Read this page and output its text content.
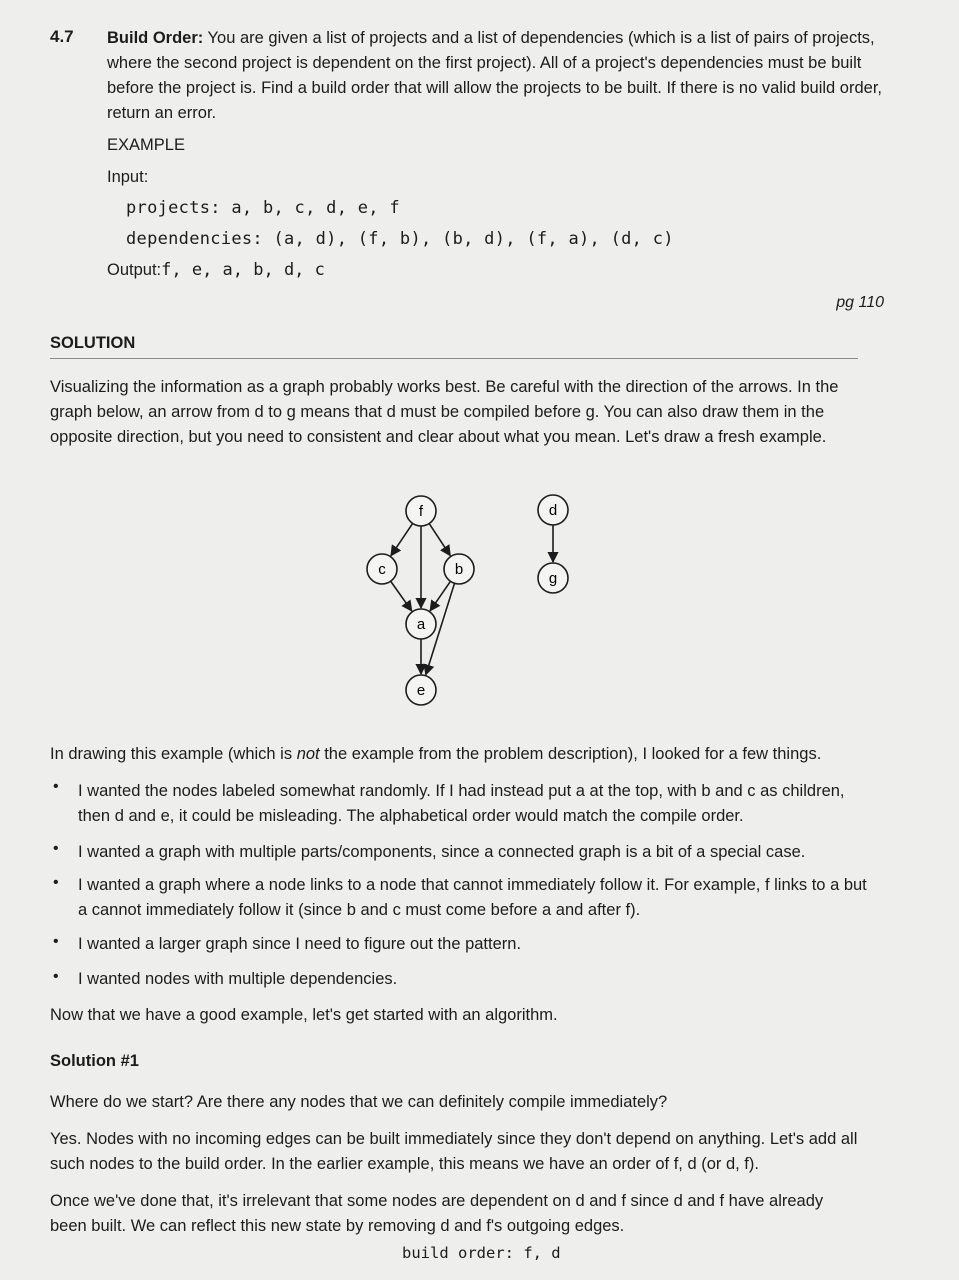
4.7 Build Order: You are given a list of projects and a list of dependencies (which is a list of pairs of projects, where the second project is dependent on the first project). All of a project's dependencies must be built before the project is. Find a build order that will allow the projects to be built. If there is no valid build order, return an error.
EXAMPLE
Input:
projects: a, b, c, d, e, f
dependencies: (a, d), (f, b), (b, d), (f, a), (d, c)
Output:f, e, a, b, d, c
pg 110
SOLUTION
Visualizing the information as a graph probably works best. Be careful with the direction of the arrows. In the graph below, an arrow from d to g means that d must be compiled before g. You can also draw them in the opposite direction, but you need to consistent and clear about what you mean. Let's draw a fresh example.
f
c	b
a
e
d
g
In drawing this example (which is not the example from the problem description), I looked for a few things.
• I wanted the nodes labeled somewhat randomly. If I had instead put a at the top, with b and c as children, then d and e, it could be misleading. The alphabetical order would match the compile order.
• I wanted a graph with multiple parts/components, since a connected graph is a bit of a special case.
• I wanted a graph where a node links to a node that cannot immediately follow it. For example, f links to a but a cannot immediately follow it (since b and c must come before a and after f).
• I wanted a larger graph since I need to figure out the pattern.
• I wanted nodes with multiple dependencies.
Now that we have a good example, let's get started with an algorithm.
Solution #1
Where do we start? Are there any nodes that we can definitely compile immediately?
Yes. Nodes with no incoming edges can be built immediately since they don't depend on anything. Let's add all such nodes to the build order. In the earlier example, this means we have an order of f, d (or d, f).
Once we've done that, it's irrelevant that some nodes are dependent on d and f since d and f have already been built. We can reflect this new state by removing d and f's outgoing edges.
build order: f, d
